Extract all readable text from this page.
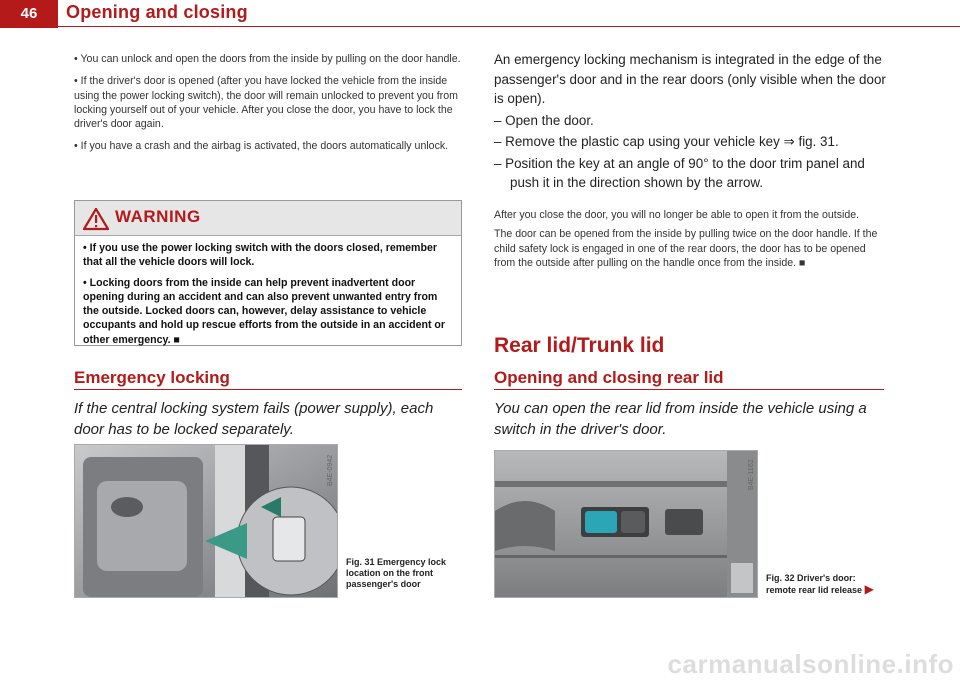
46	Opening and closing

• You can unlock and open the doors from the inside by pulling on the door handle.

• If the driver's door is opened (after you have locked the vehicle from the inside using the power locking switch), the door will remain unlocked to prevent you from locking yourself out of your vehicle. After you close the door, you have to lock the driver's door again.

• If you have a crash and the airbag is activated, the doors automatically unlock.

WARNING

• If you use the power locking switch with the doors closed, remember that all the vehicle doors will lock.

• Locking doors from the inside can help prevent inadvertent door opening during an accident and can also prevent unwanted entry from the outside. Locked doors can, however, delay assistance to vehicle occupants and hold up rescue efforts from the outside in an accident or other emergency. ■

Emergency locking
If the central locking system fails (power supply), each door has to be locked separately.
B4E-0942
Fig. 31 Emergency lock location on the front passenger's door

An emergency locking mechanism is integrated in the edge of the passenger's door and in the rear doors (only visible when the door is open).

– Open the door.

– Remove the plastic cap using your vehicle key ⇒ fig. 31.

– Position the key at an angle of 90° to the door trim panel and push it in the direction shown by the arrow.

After you close the door, you will no longer be able to open it from the outside.

The door can be opened from the inside by pulling twice on the door handle. If the child safety lock is engaged in one of the rear doors, the door has to be opened from the outside after pulling on the handle once from the inside. ■

Rear lid/Trunk lid
Opening and closing rear lid
You can open the rear lid from inside the vehicle using a switch in the driver's door.
B4E-1162
Fig. 32 Driver's door: remote rear lid release ▶
carmanualsonline.info
